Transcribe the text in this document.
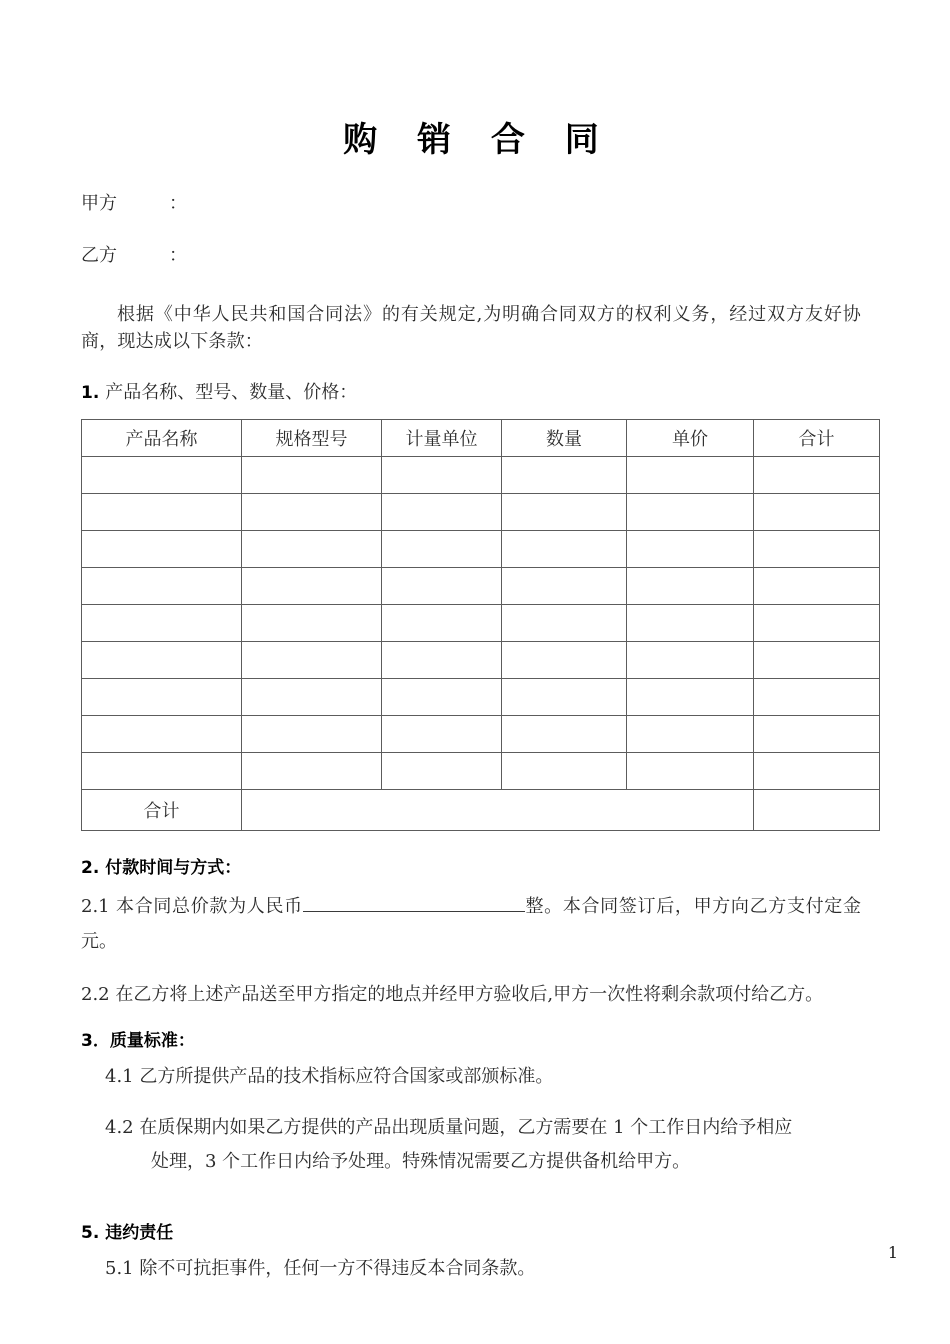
购 销 合 同
甲方	：
乙方	：

根据《中华人民共和国合同法》的有关规定,为明确合同双方的权利义务，经过双方友好协商，现达成以下条款：

1. 产品名称、型号、数量、价格：
产品名称	规格型号	计量单位	数量	单价	合计

合计					
2. 付款时间与方式：

2.1 本合同总价款为人民币	整。本合同签订后，甲方向乙方支付定金 元。

2.2 在乙方将上述产品送至甲方指定的地点并经甲方验收后,甲方一次性将剩余款项付给乙方。

3．质量标准：

4.1 乙方所提供产品的技术指标应符合国家或部颁标准。

4.2 在质保期内如果乙方提供的产品出现质量问题，乙方需要在 1 个工作日内给予相应
处理，3 个工作日内给予处理。特殊情况需要乙方提供备机给甲方。

5. 违约责任

5.1 除不可抗拒事件，任何一方不得违反本合同条款。

1
